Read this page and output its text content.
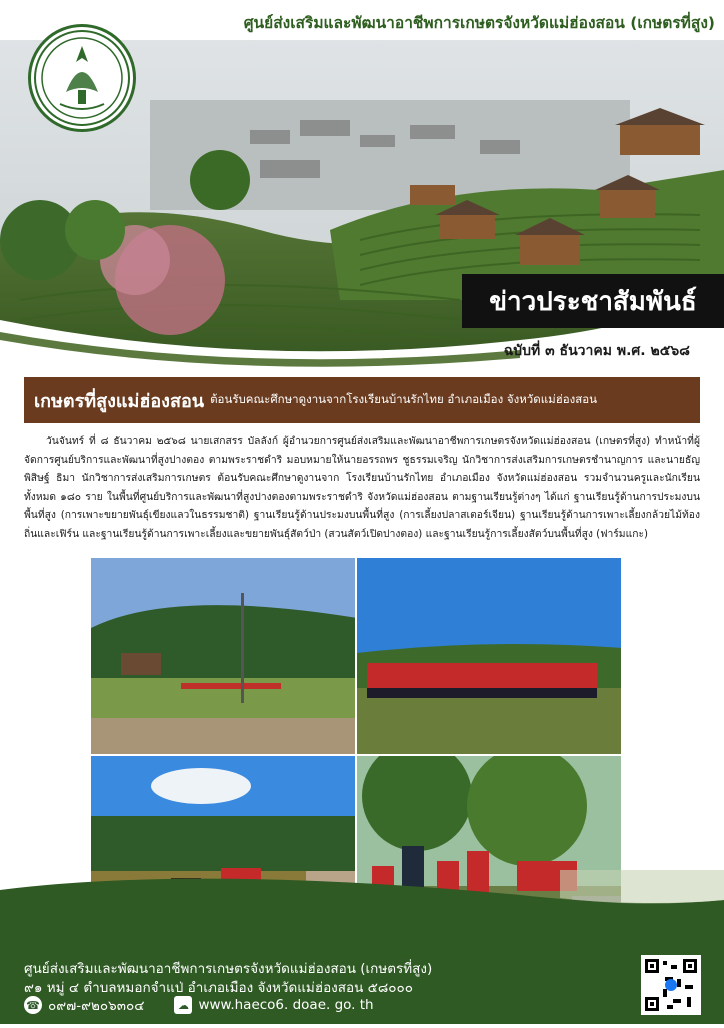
ศูนย์ส่งเสริมและพัฒนาอาชีพการเกษตรจังหวัดแม่ฮ่องสอน (เกษตรที่สูง)
ข่าวประชาสัมพันธ์
ฉบับที่ ๓ ธันวาคม พ.ศ. ๒๕๖๘
เกษตรที่สูงแม่ฮ่องสอน ต้อนรับคณะศึกษาดูงานจากโรงเรียนบ้านรักไทย อำเภอเมือง จังหวัดแม่ฮ่องสอน
วันจันทร์ ที่ ๘ ธันวาคม ๒๕๖๘ นายเสกสรร บัลลังก์ ผู้อำนวยการศูนย์ส่งเสริมและพัฒนาอาชีพการเกษตรจังหวัดแม่ฮ่องสอน (เกษตรที่สูง) ทำหน้าที่ผู้จัดการศูนย์บริการและพัฒนาที่สูงปางตอง ตามพระราชดำริ มอบหมายให้นายอรรถพร ชูธรรมเจริญ นักวิชาการส่งเสริมการเกษตรชำนาญการ และนายธัญพิสิษฐ์ ธิมา นักวิชาการส่งเสริมการเกษตร ต้อนรับคณะศึกษาดูงานจาก โรงเรียนบ้านรักไทย อำเภอเมือง จังหวัดแม่ฮ่องสอน รวมจำนวนครูและนักเรียน ทั้งหมด ๑๘๐ ราย ในพื้นที่ศูนย์บริการและพัฒนาที่สูงปางตองตามพระราชดำริ จังหวัดแม่ฮ่องสอน ตามฐานเรียนรู้ต่างๆ ได้แก่ ฐานเรียนรู้ด้านการประมงบนพื้นที่สูง (การเพาะขยายพันธุ์เขียงแลวในธรรมชาติ) ฐานเรียนรู้ด้านประมงบนพื้นที่สูง (การเลี้ยงปลาสเตอร์เจียน) ฐานเรียนรู้ด้านการเพาะเลี้ยงกล้วยไม้ท้องถิ่นและเฟิร์น และฐานเรียนรู้ด้านการเพาะเลี้ยงและขยายพันธุ์สัตว์ป่า (สวนสัตว์เปิดปางตอง) และฐานเรียนรู้การเลี้ยงสัตว์บนพื้นที่สูง (ฟาร์มแกะ)
ศูนย์ส่งเสริมและพัฒนาอาชีพการเกษตรจังหวัดแม่ฮ่องสอน (เกษตรที่สูง)
๙๑ หมู่ ๔ ตำบลหมอกจำแป่ อำเภอเมือง จังหวัดแม่ฮ่องสอน ๕๘๐๐๐
☎ ๐๙๗-๙๒๐๖๓๐๔	☁ www.haeco6. doae. go. th
